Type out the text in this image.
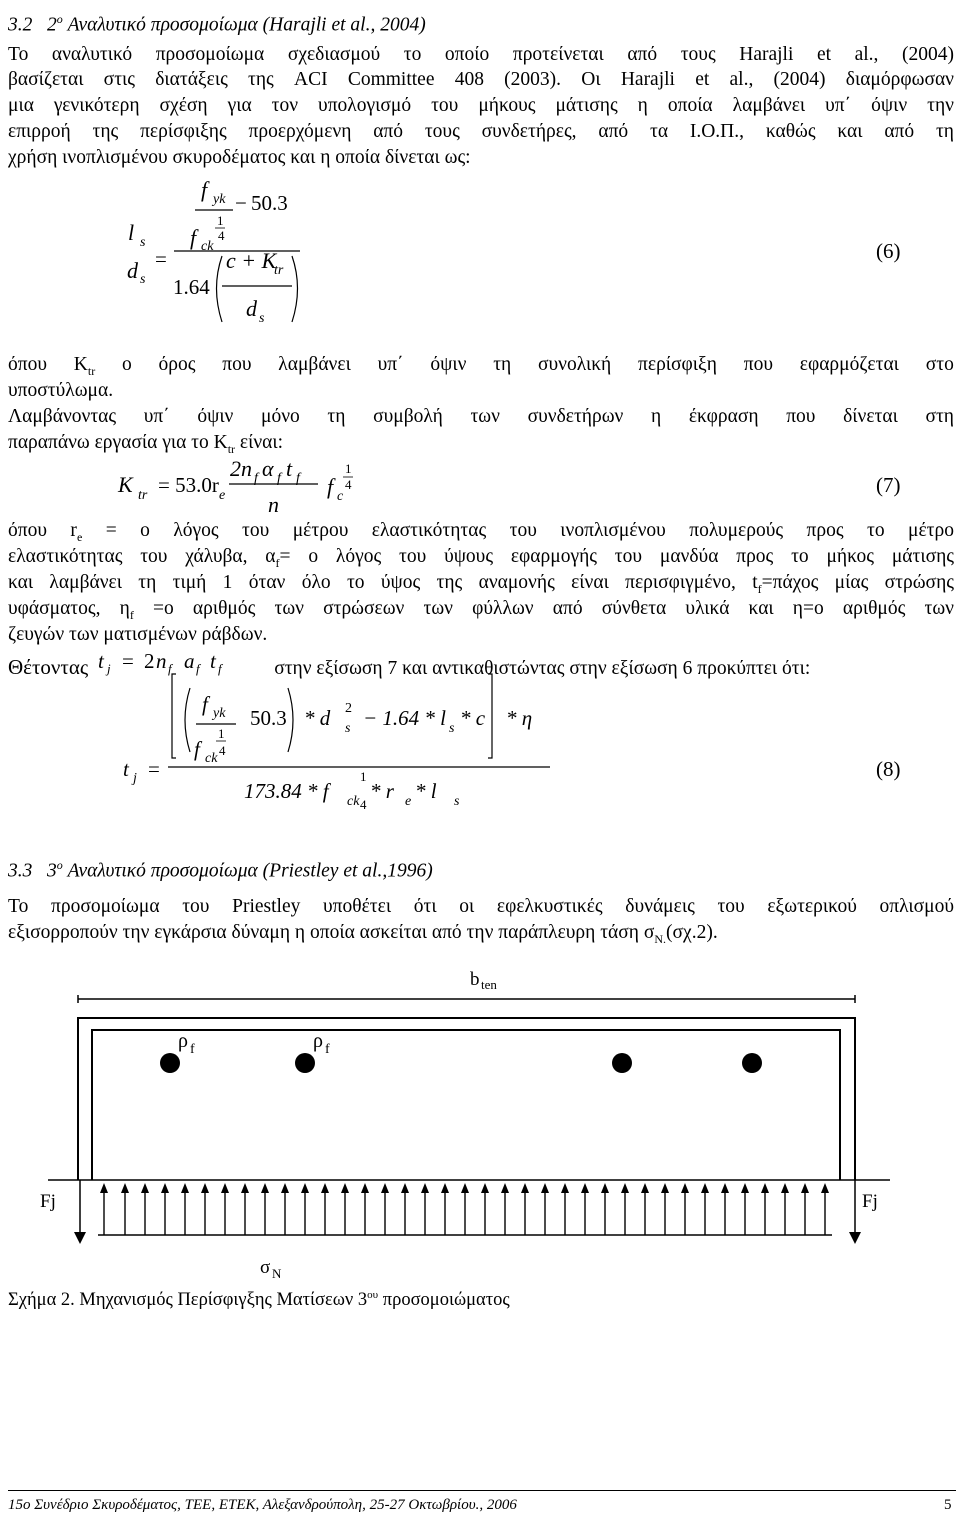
3.2 $2^o$ Αναλυτικό προσομοίωμα (Harajli et al., 2004)
Το αναλυτικό προσομοίωμα σχεδιασμού το οποίο προτείνεται από τους Harajli et al., (2004)
βασίζεται στις διατάξεις της ACI Committee 408 (2003). Οι Harajli et al., (2004) διαμόρφωσαν
μια γενικότερη σχέση για τον υπολογισμό του μήκους μάτισης η οποία λαμβάνει υπ΄ όψιν την
επιρροή της περίσφιξης προερχόμενη από τους συνδετήρες, από τα Ι.Ο.Π., καθώς και από τη
χρήση ινοπλισμένου σκυροδέματος και η οποία δίνεται ως:
f yk
f ck
l s
d s
c + K
tr
d s
− 50.3
1
4
=
1.64
(6)
όπου $K_{tr}$ ο όρος που λαμβάνει υπ΄ όψιν τη συνολική περίσφιξη που εφαρμόζεται στο
υποστύλωμα.
Λαμβάνοντας υπ΄ όψιν μόνο τη συμβολή των συνδετήρων η έκφραση που δίνεται στη
παραπάνω εργασία για το $K_{tr}$ είναι:
K tr
2n f α f t f
n
f c
e
= 53.0r
1
4	(7)
όπου $r_e = o$ λόγος του μέτρου ελαστικότητας του ινοπλισμένου πολυμερούς προς το μέτρο
ελαστικότητας του χάλυβα, $\alpha_f= o$ λόγος του ύψους εφαρμογής του μανδύα προς το μήκος μάτισης
και λαμβάνει τη τιμή 1 όταν όλο το ύψος της αναμονής είναι περισφιγμένο, $t_f=\pi ά\chi o\varsigma$ μίας στρώσης
υφάσματος, $\eta_f =o$ αριθμός των στρώσεων των φύλλων από σύνθετα υλικά και η=ο αριθμός των
ζευγών των ματισμένων ράβδων.
Θέτοντας t j 2 n f a f t f
=	στην εξίσωση 7 και αντικαθιστώντας στην εξίσωση 6 προκύπτει ότι:
t j
f yk
f ck
s	s * c * η
ck	e	s
* l
* r
* d − 1.64 * l
173.84 * f
=
50.3	2
1
4
1
4
(8)
3.3 $3^o$ Αναλυτικό προσομοίωμα (Priestley et al.,1996)
Το προσομοίωμα του Priestley υποθέτει ότι οι εφελκυστικές δυνάμεις του εξωτερικού οπλισμού
εξισορροπούν την εγκάρσια δύναμη η οποία ασκείται από την παράπλευρη τάση $\sigma_{N.}(\sigma\chi.2)$.
b ten
ρ f	ρ f
Fj	Fj
σ N
Σχήμα 2. Μηχανισμός Περίσφιγξης Ματίσεων $3^{o\upsilon}$ προσομοιώματος
15ο Συνέδριο Σκυροδέματος, ΤΕΕ, ΕΤΕΚ, Αλεξανδρούπολη, 25-27 Οκτωβρίου., 2006	5
